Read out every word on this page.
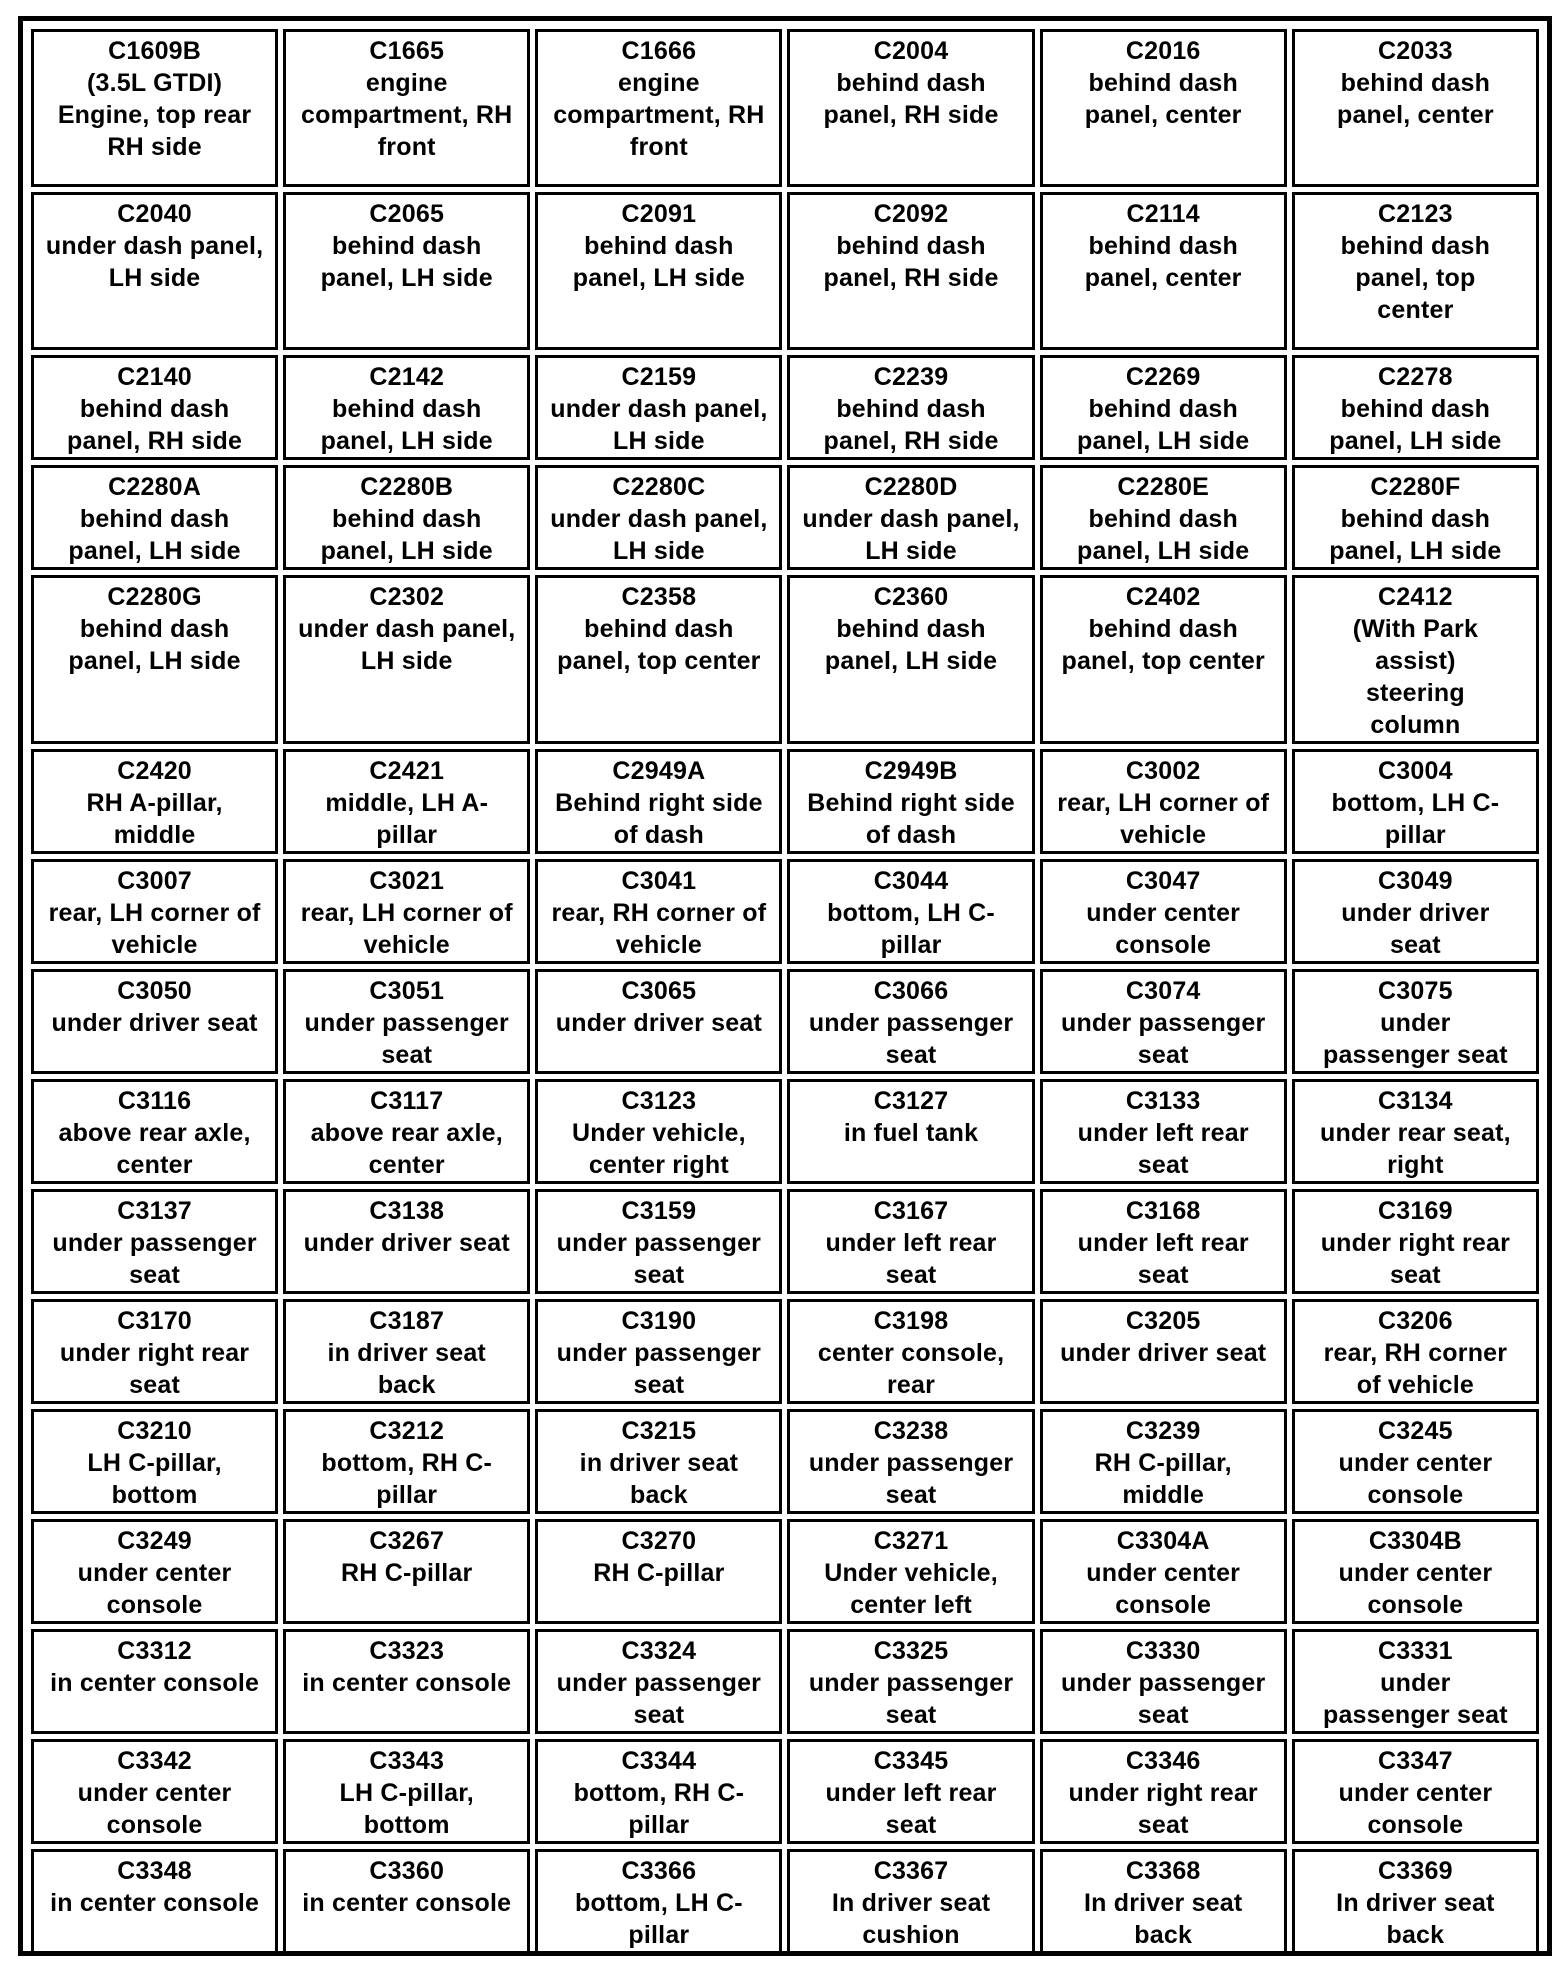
C1609B
(3.5L GTDI)
Engine, top rear
RH side	C1665
engine
compartment, RH
front	C1666
engine
compartment, RH
front	C2004
behind dash
panel, RH side	C2016
behind dash
panel, center	C2033
behind dash
panel, center

C2040
under dash panel,
LH side	C2065
behind dash
panel, LH side	C2091
behind dash
panel, LH side	C2092
behind dash
panel, RH side	C2114
behind dash
panel, center	C2123
behind dash
panel, top
center

C2140
behind dash
panel, RH side	C2142
behind dash
panel, LH side	C2159
under dash panel,
LH side	C2239
behind dash
panel, RH side	C2269
behind dash
panel, LH side	C2278
behind dash
panel, LH side

C2280A
behind dash
panel, LH side	C2280B
behind dash
panel, LH side	C2280C
under dash panel,
LH side	C2280D
under dash panel,
LH side	C2280E
behind dash
panel, LH side	C2280F
behind dash
panel, LH side

C2280G
behind dash
panel, LH side	C2302
under dash panel,
LH side	C2358
behind dash
panel, top center	C2360
behind dash
panel, LH side	C2402
behind dash
panel, top center	C2412
(With Park
assist)
steering
column

C2420
RH A-pillar,
middle	C2421
middle, LH A-
pillar	C2949A
Behind right side
of dash	C2949B
Behind right side
of dash	C3002
rear, LH corner of
vehicle	C3004
bottom, LH C-
pillar

C3007
rear, LH corner of
vehicle	C3021
rear, LH corner of
vehicle	C3041
rear, RH corner of
vehicle	C3044
bottom, LH C-
pillar	C3047
under center
console	C3049
under driver
seat

C3050
under driver seat	C3051
under passenger
seat	C3065
under driver seat	C3066
under passenger
seat	C3074
under passenger
seat	C3075
under
passenger seat

C3116
above rear axle,
center	C3117
above rear axle,
center	C3123
Under vehicle,
center right	C3127
in fuel tank	C3133
under left rear
seat	C3134
under rear seat,
right

C3137
under passenger
seat	C3138
under driver seat	C3159
under passenger
seat	C3167
under left rear
seat	C3168
under left rear
seat	C3169
under right rear
seat

C3170
under right rear
seat	C3187
in driver seat
back	C3190
under passenger
seat	C3198
center console,
rear	C3205
under driver seat	C3206
rear, RH corner
of vehicle

C3210
LH C-pillar,
bottom	C3212
bottom, RH C-
pillar	C3215
in driver seat
back	C3238
under passenger
seat	C3239
RH C-pillar,
middle	C3245
under center
console

C3249
under center
console	C3267
RH C-pillar	C3270
RH C-pillar	C3271
Under vehicle,
center left	C3304A
under center
console	C3304B
under center
console

C3312
in center console	C3323
in center console	C3324
under passenger
seat	C3325
under passenger
seat	C3330
under passenger
seat	C3331
under
passenger seat

C3342
under center
console	C3343
LH C-pillar,
bottom	C3344
bottom, RH C-
pillar	C3345
under left rear
seat	C3346
under right rear
seat	C3347
under center
console

C3348
in center console	C3360
in center console	C3366
bottom, LH C-
pillar	C3367
In driver seat
cushion	C3368
In driver seat
back	C3369
In driver seat
back
